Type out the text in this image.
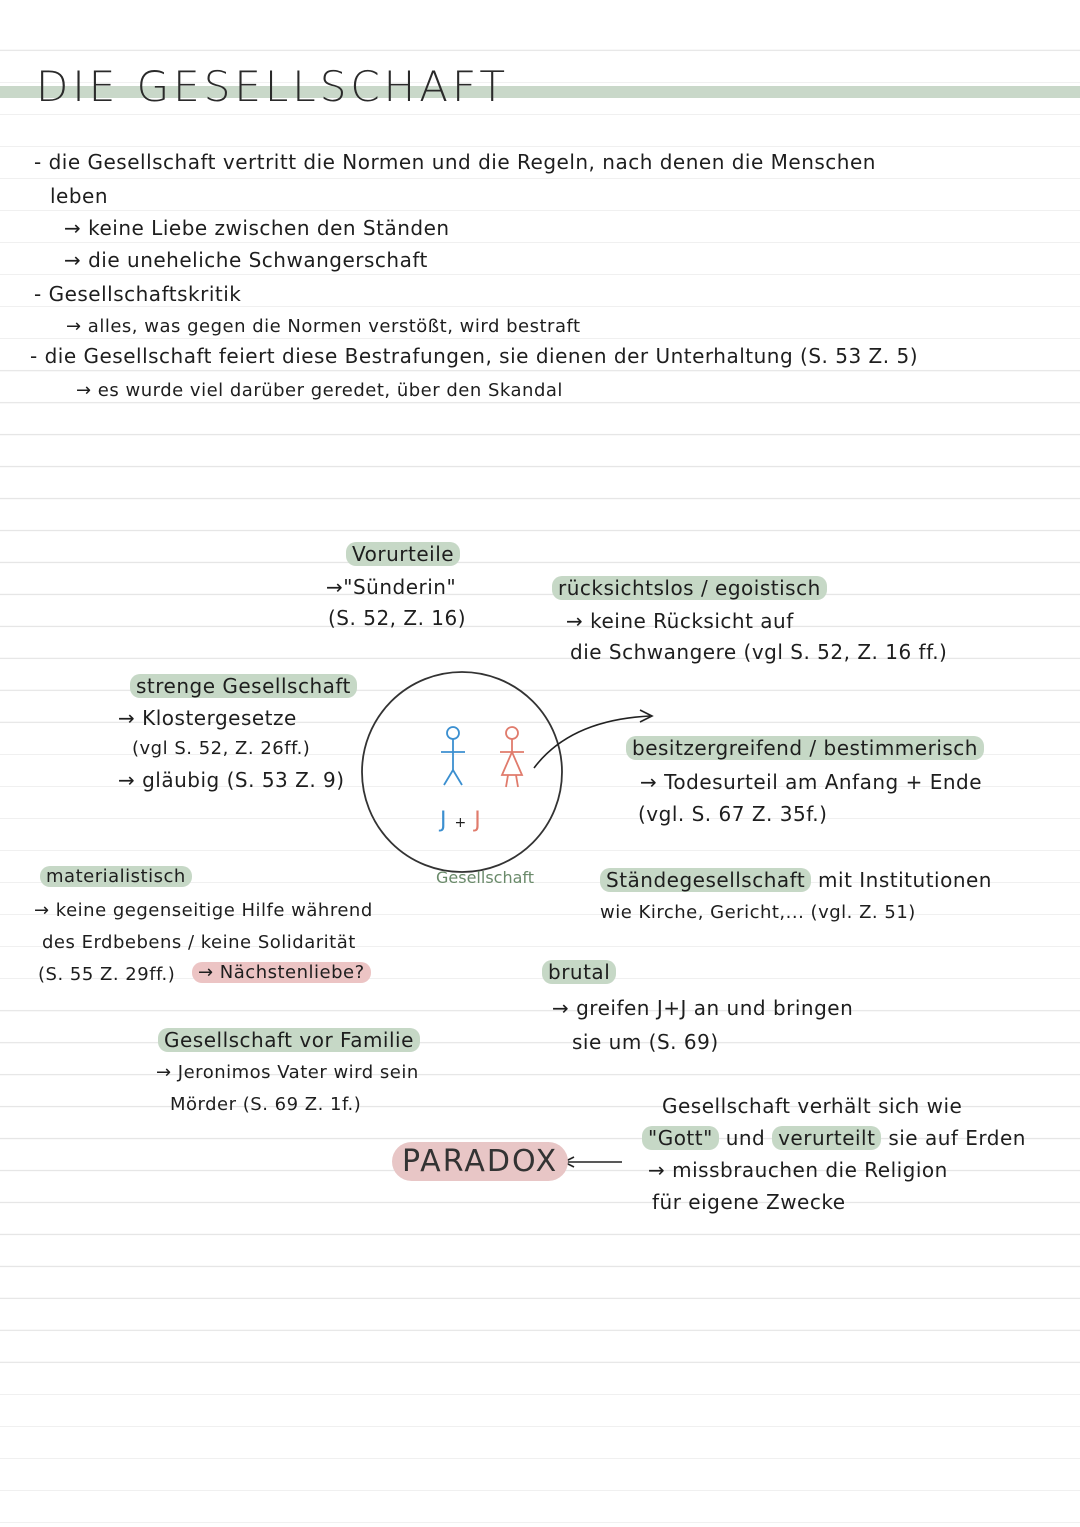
DIE GESELLSCHAFT
- die Gesellschaft vertritt die Normen und die Regeln, nach denen die Menschen
leben
→ keine Liebe zwischen den Ständen
→ die uneheliche Schwangerschaft
- Gesellschaftskritik
→ alles, was gegen die Normen verstößt, wird bestraft
- die Gesellschaft feiert diese Bestrafungen, sie dienen der Unterhaltung (S. 53 Z. 5)
→ es wurde viel darüber geredet, über den Skandal
J + J
Gesellschaft
Vorurteile
→"Sünderin"
(S. 52, Z. 16)
rücksichtslos / egoistisch
→ keine Rücksicht auf
die Schwangere (vgl S. 52, Z. 16 ff.)
strenge Gesellschaft
→ Klostergesetze
(vgl S. 52, Z. 26ff.)
→ gläubig (S. 53 Z. 9)
besitzergreifend / bestimmerisch
→ Todesurteil am Anfang + Ende
(vgl. S. 67 Z. 35f.)
materialistisch
→ keine gegenseitige Hilfe während
des Erdbebens / keine Solidarität
(S. 55 Z. 29ff.)	→ Nächstenliebe?
Ständegesellschaft mit Institutionen
wie Kirche, Gericht,... (vgl. Z. 51)
brutal
→ greifen J+J an und bringen
sie um (S. 69)
Gesellschaft vor Familie
→ Jeronimos Vater wird sein
Mörder (S. 69 Z. 1f.)	Gesellschaft verhält sich wie
"Gott" und verurteilt sie auf Erden
→ missbrauchen die Religion
für eigene Zwecke
PARADOX
